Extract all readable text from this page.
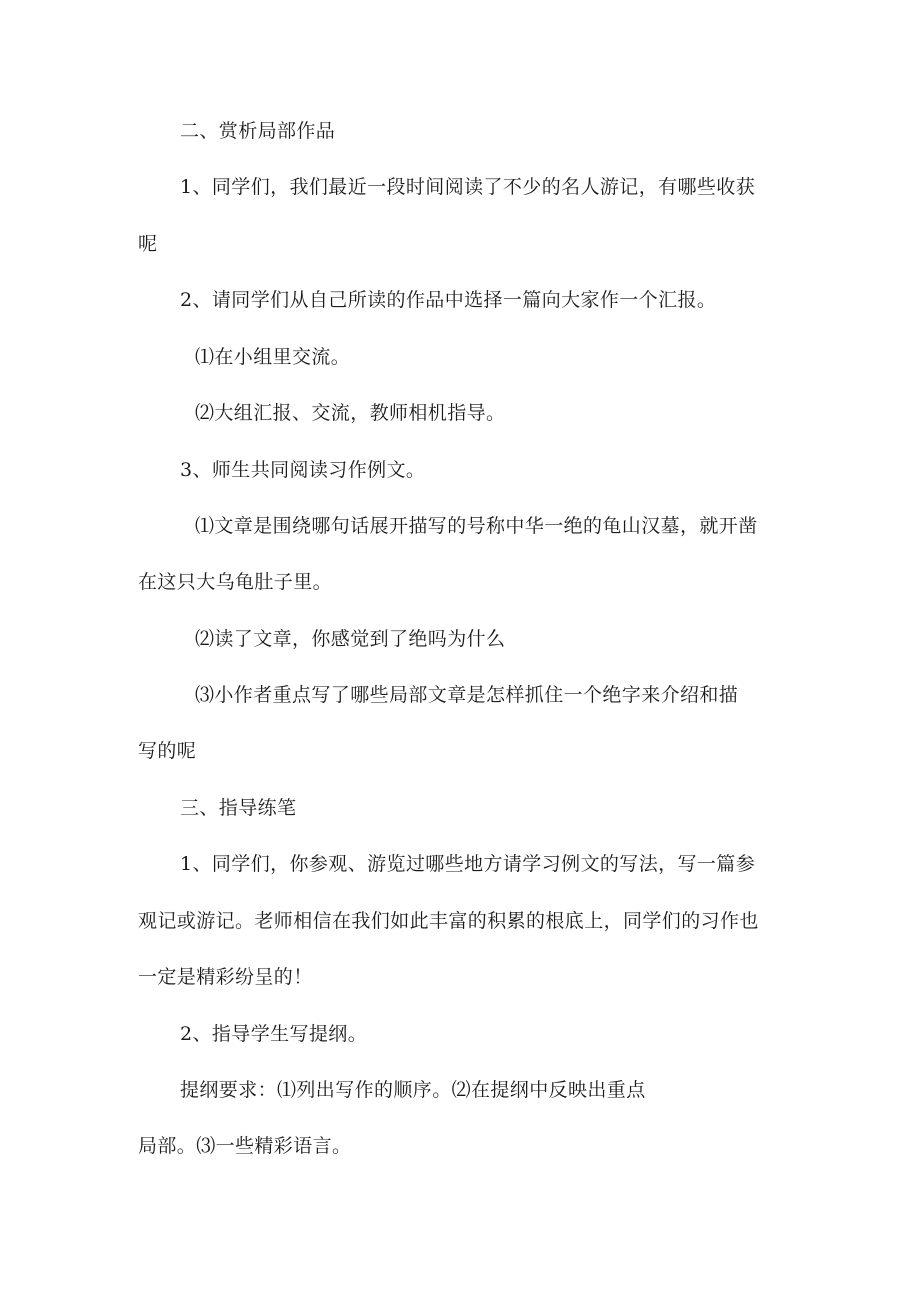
二、赏析局部作品
1、同学们，我们最近一段时间阅读了不少的名人游记，有哪些收获
呢
2、请同学们从自己所读的作品中选择一篇向大家作一个汇报。
⑴在小组里交流。
⑵大组汇报、交流，教师相机指导。
3、师生共同阅读习作例文。
⑴文章是围绕哪句话展开描写的号称中华一绝的龟山汉墓，就开凿
在这只大乌龟肚子里。
⑵读了文章，你感觉到了绝吗为什么
⑶小作者重点写了哪些局部文章是怎样抓住一个绝字来介绍和描
写的呢
三、指导练笔
1、同学们，你参观、游览过哪些地方请学习例文的写法，写一篇参
观记或游记。老师相信在我们如此丰富的积累的根底上，同学们的习作也
一定是精彩纷呈的！
2、指导学生写提纲。
提纲要求：⑴列出写作的顺序。⑵在提纲中反映出重点
局部。⑶一些精彩语言。
